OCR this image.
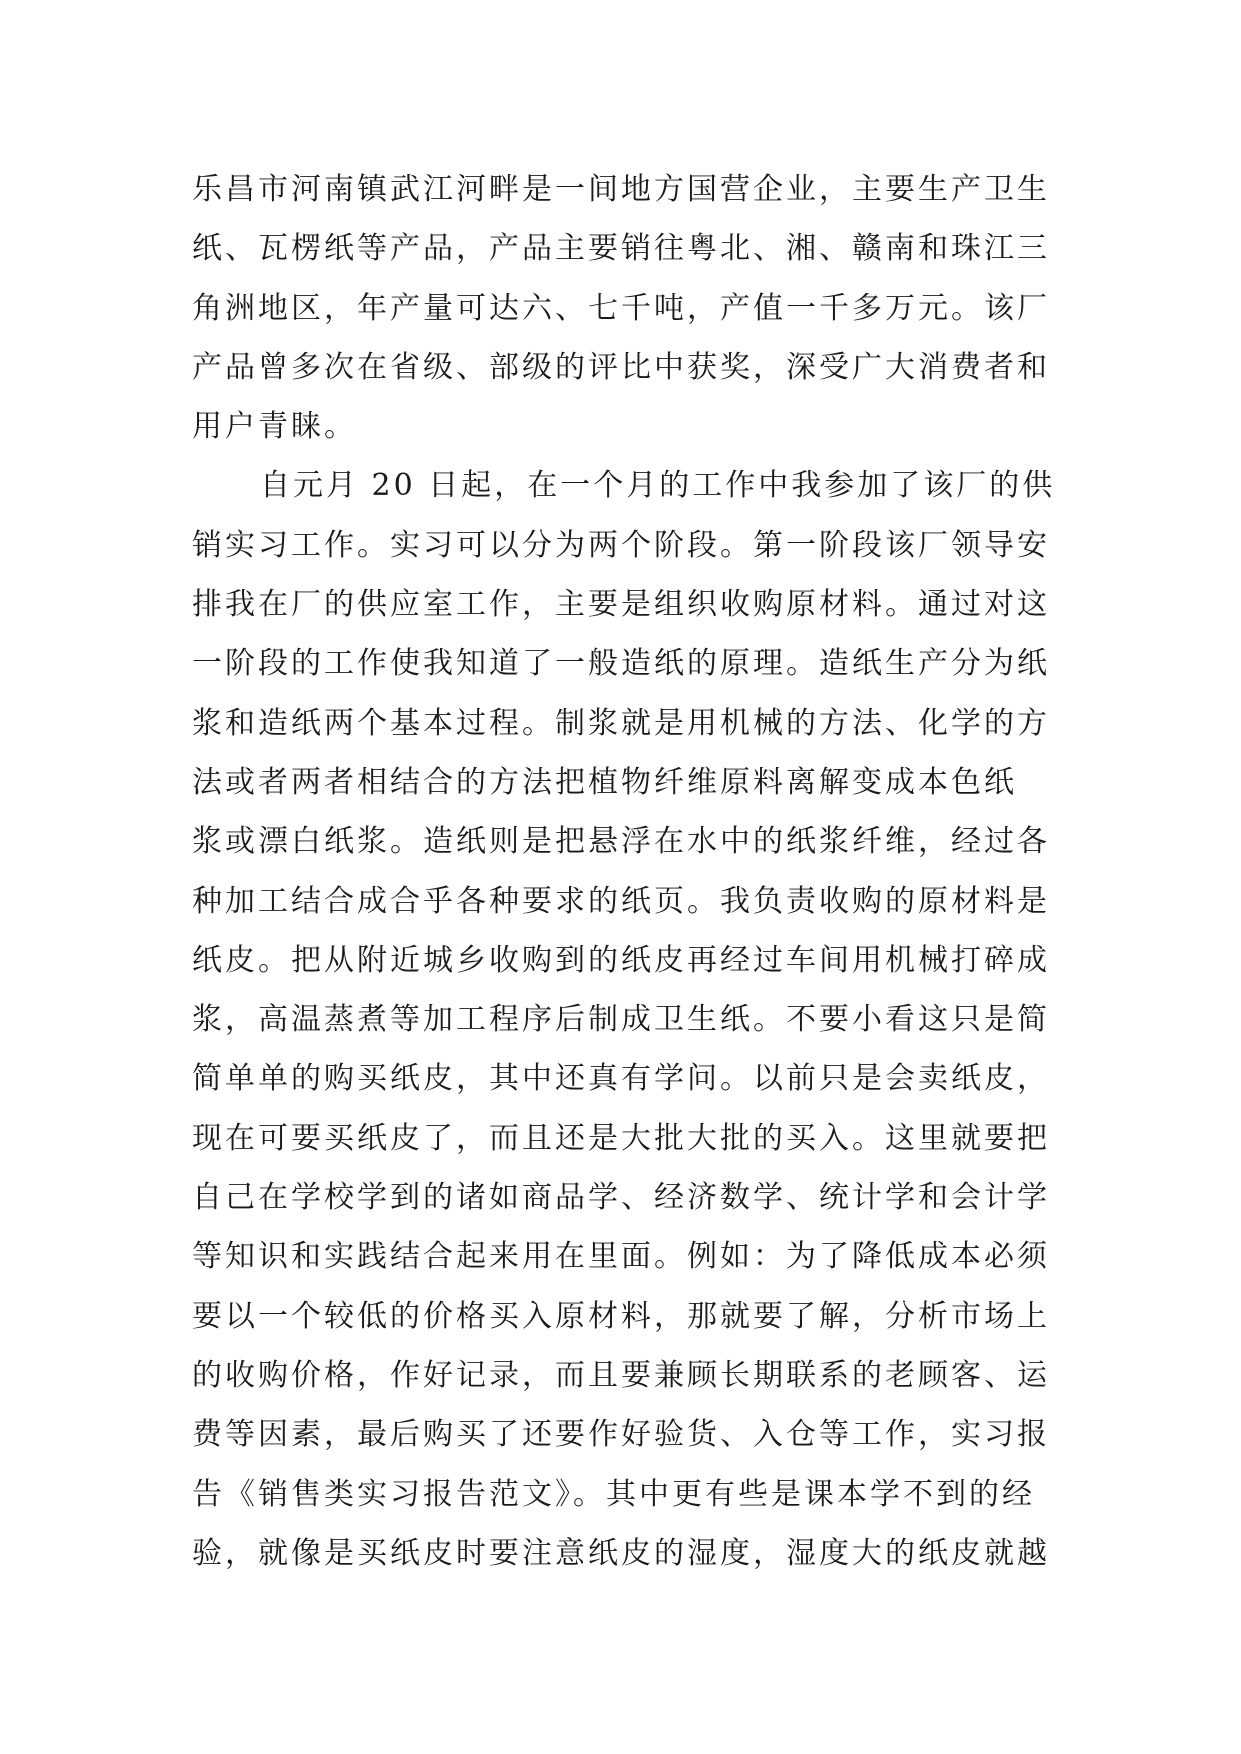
乐昌市河南镇武江河畔是一间地方国营企业，主要生产卫生
纸、瓦楞纸等产品，产品主要销往粤北、湘、赣南和珠江三
角洲地区，年产量可达六、七千吨，产值一千多万元。该厂
产品曾多次在省级、部级的评比中获奖，深受广大消费者和
用户青睐。
自元月 20 日起，在一个月的工作中我参加了该厂的供
销实习工作。实习可以分为两个阶段。第一阶段该厂领导安
排我在厂的供应室工作，主要是组织收购原材料。通过对这
一阶段的工作使我知道了一般造纸的原理。造纸生产分为纸
浆和造纸两个基本过程。制浆就是用机械的方法、化学的方
法或者两者相结合的方法把植物纤维原料离解变成本色纸
浆或漂白纸浆。造纸则是把悬浮在水中的纸浆纤维，经过各
种加工结合成合乎各种要求的纸页。我负责收购的原材料是
纸皮。把从附近城乡收购到的纸皮再经过车间用机械打碎成
浆，高温蒸煮等加工程序后制成卫生纸。不要小看这只是简
简单单的购买纸皮，其中还真有学问。以前只是会卖纸皮，
现在可要买纸皮了，而且还是大批大批的买入。这里就要把
自己在学校学到的诸如商品学、经济数学、统计学和会计学
等知识和实践结合起来用在里面。例如：为了降低成本必须
要以一个较低的价格买入原材料，那就要了解，分析市场上
的收购价格，作好记录，而且要兼顾长期联系的老顾客、运
费等因素，最后购买了还要作好验货、入仓等工作，实习报
告《销售类实习报告范文》。其中更有些是课本学不到的经
验，就像是买纸皮时要注意纸皮的湿度，湿度大的纸皮就越
